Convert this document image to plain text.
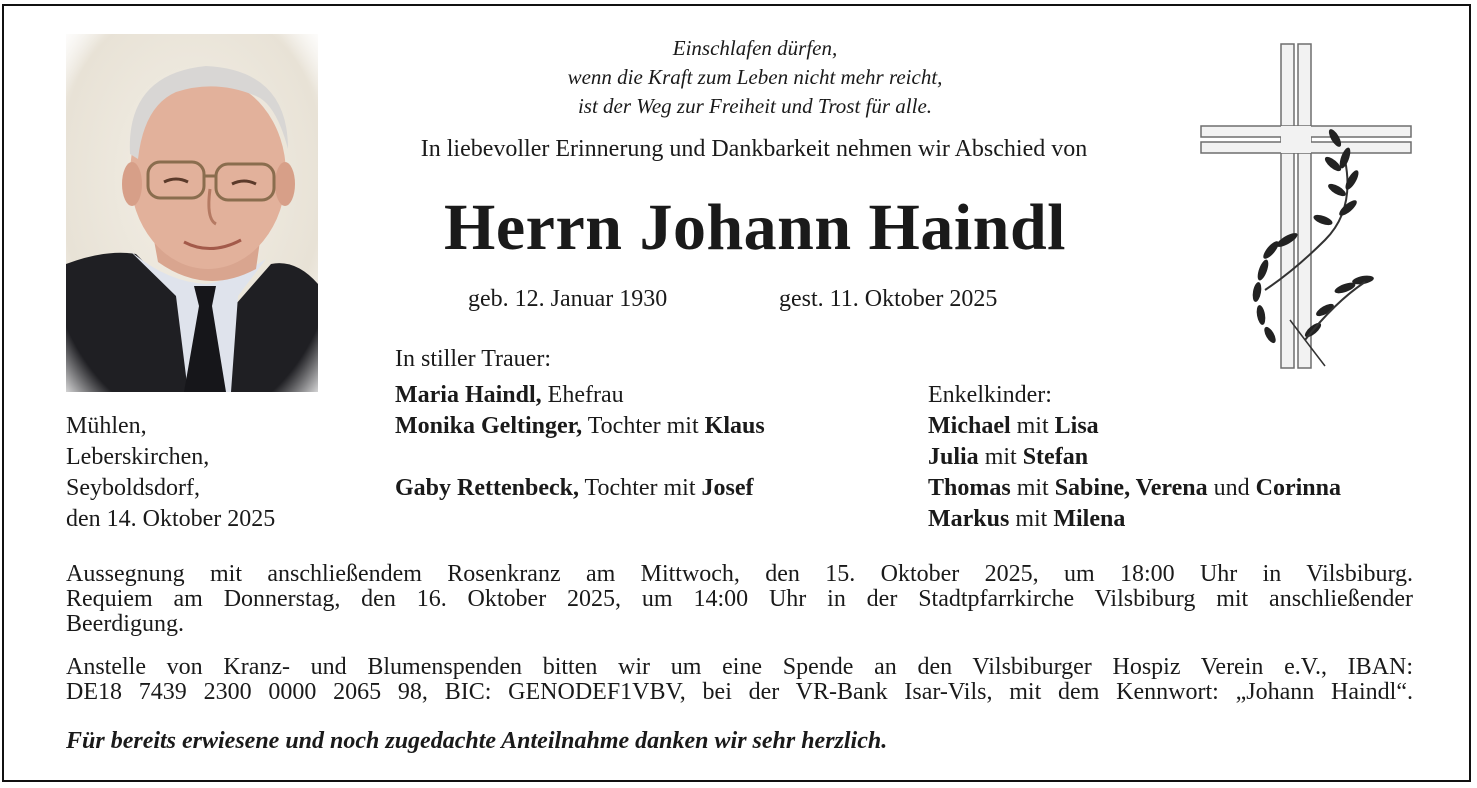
Einschlafen dürfen,
wenn die Kraft zum Leben nicht mehr reicht,
ist der Weg zur Freiheit und Trost für alle.
In liebevoller Erinnerung und Dankbarkeit nehmen wir Abschied von
Herrn Johann Haindl
geb. 12. Januar 1930	gest. 11. Oktober 2025
In stiller Trauer:
Maria Haindl, Ehefrau
Monika Geltinger, Tochter mit Klaus
Gaby Rettenbeck, Tochter mit Josef
Enkelkinder:
Michael mit Lisa
Julia mit Stefan
Thomas mit Sabine, Verena und Corinna
Markus mit Milena
Mühlen,
Leberskirchen,
Seyboldsdorf,
den 14. Oktober 2025
Aussegnung mit anschließendem Rosenkranz am Mittwoch, den 15. Oktober 2025, um 18:00 Uhr in Vilsbiburg.
Requiem am Donnerstag, den 16. Oktober 2025, um 14:00 Uhr in der Stadtpfarrkirche Vilsbiburg mit anschließender
Beerdigung.
Anstelle von Kranz- und Blumenspenden bitten wir um eine Spende an den Vilsbiburger Hospiz Verein e.V., IBAN:
DE18 7439 2300 0000 2065 98, BIC: GENODEF1VBV, bei der VR-Bank Isar-Vils, mit dem Kennwort: „Johann Haindl“.
Für bereits erwiesene und noch zugedachte Anteilnahme danken wir sehr herzlich.
